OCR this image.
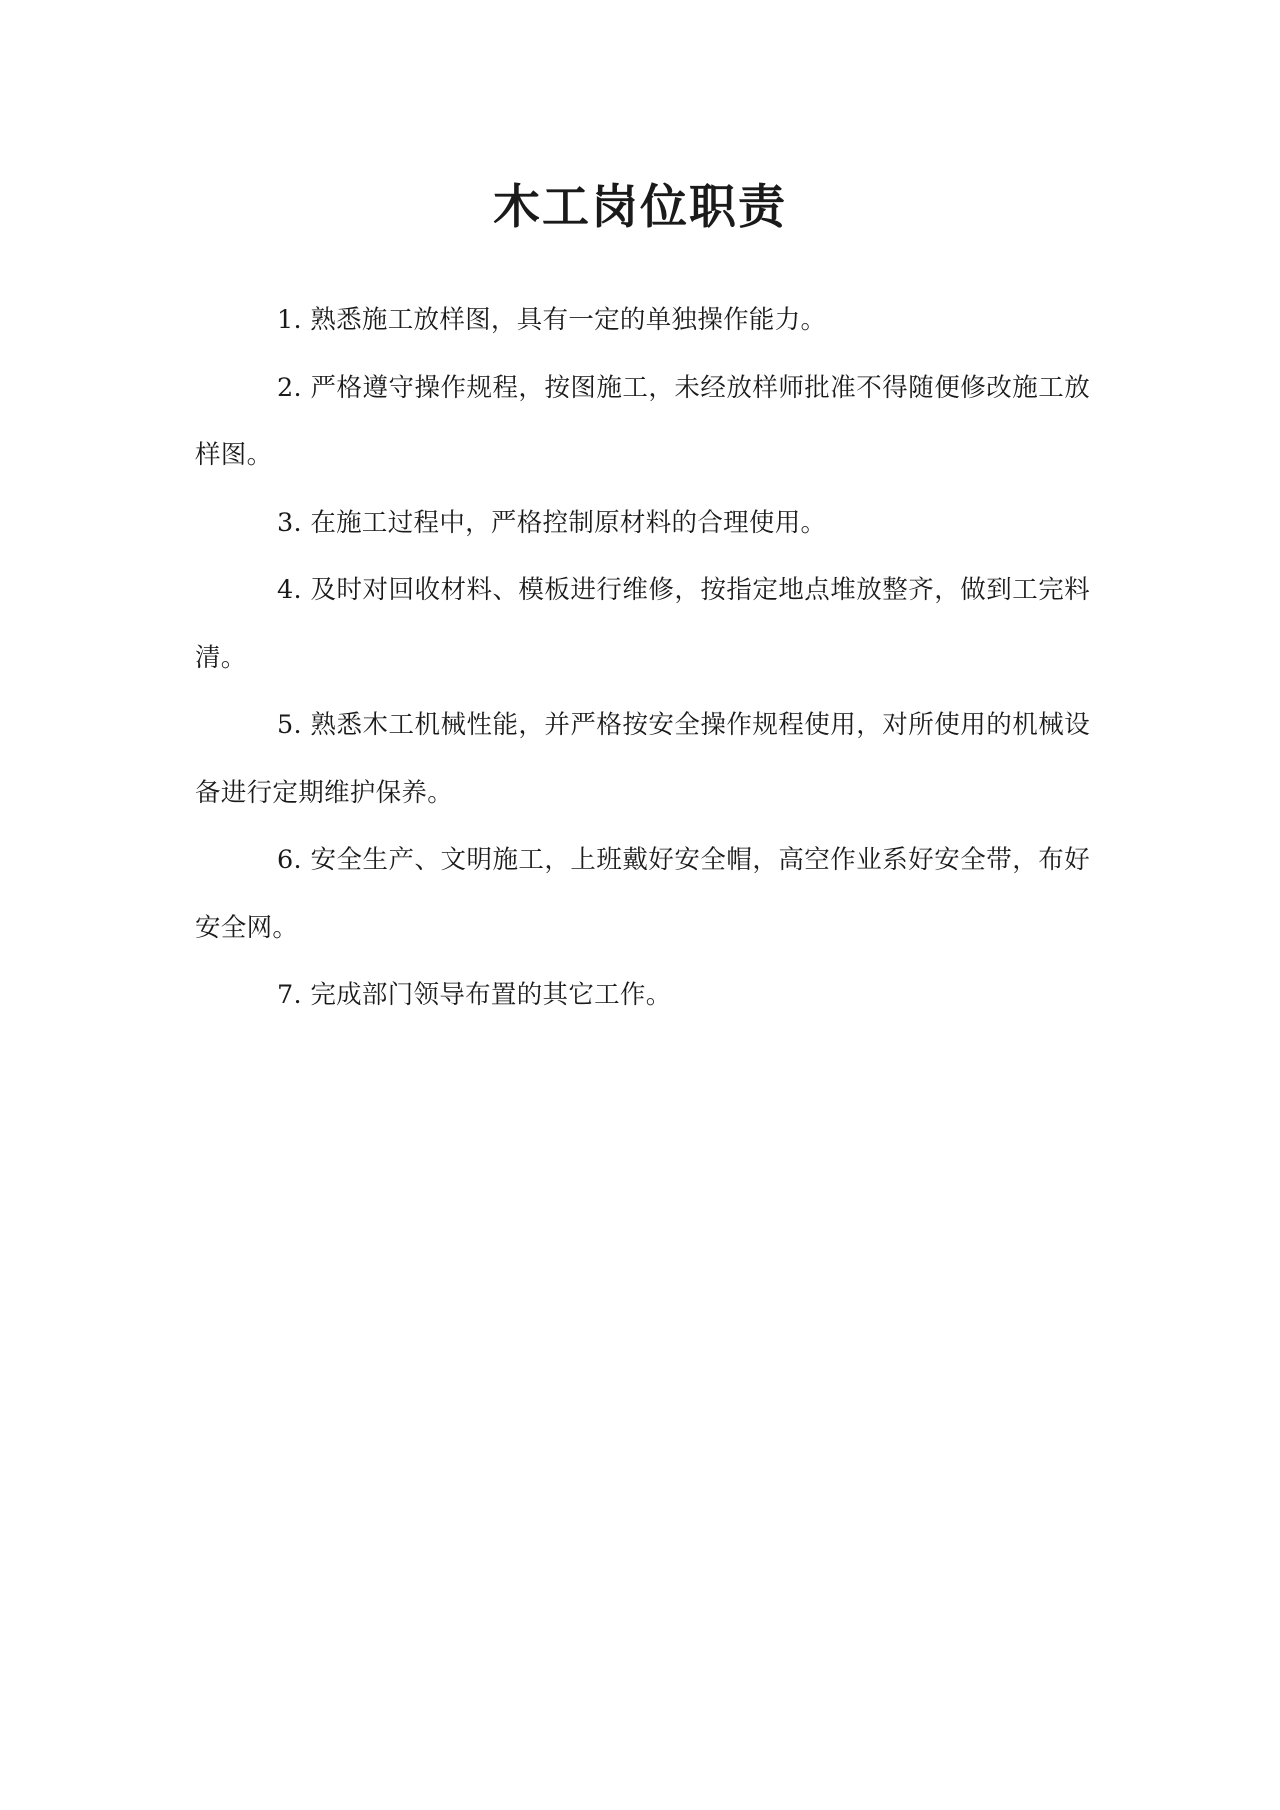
木工岗位职责
1. 熟悉施工放样图，具有一定的单独操作能力。
2. 严格遵守操作规程，按图施工，未经放样师批准不得随便修改施工放样图。
3. 在施工过程中，严格控制原材料的合理使用。
4. 及时对回收材料、模板进行维修，按指定地点堆放整齐，做到工完料清。
5. 熟悉木工机械性能，并严格按安全操作规程使用，对所使用的机械设备进行定期维护保养。
6. 安全生产、文明施工，上班戴好安全帽，高空作业系好安全带，布好安全网。
7. 完成部门领导布置的其它工作。
